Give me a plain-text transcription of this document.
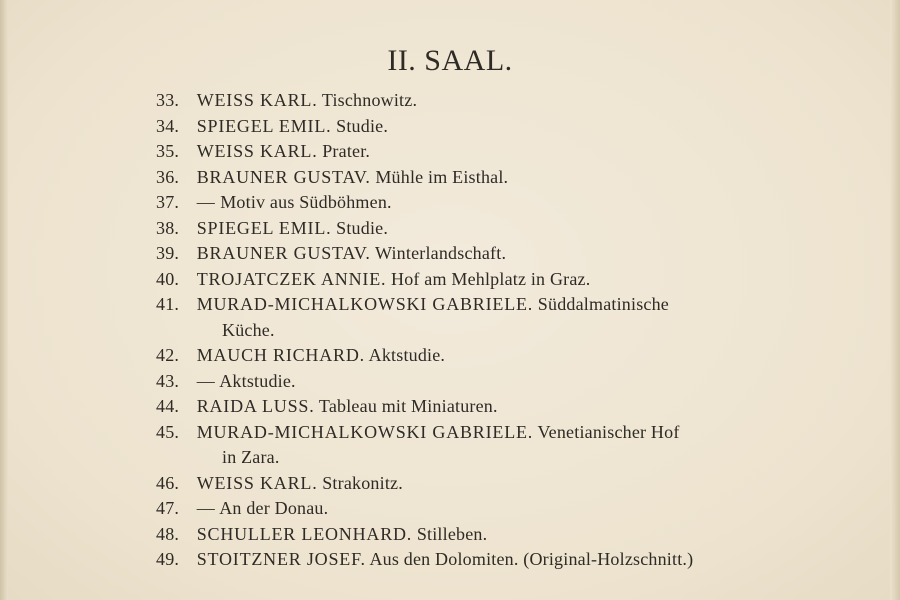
II. SAAL.
33. WEISS KARL. Tischnowitz.
34. SPIEGEL EMIL. Studie.
35. WEISS KARL. Prater.
36. BRAUNER GUSTAV. Mühle im Eisthal.
37. — Motiv aus Südböhmen.
38. SPIEGEL EMIL. Studie.
39. BRAUNER GUSTAV. Winterlandschaft.
40. TROJATCZEK ANNIE. Hof am Mehlplatz in Graz.
41. MURAD-MICHALKOWSKI GABRIELE. Süddalmatinische
Küche.
42. MAUCH RICHARD. Aktstudie.
43. — Aktstudie.
44. RAIDA LUSS. Tableau mit Miniaturen.
45. MURAD-MICHALKOWSKI GABRIELE. Venetianischer Hof
in Zara.
46. WEISS KARL. Strakonitz.
47. — An der Donau.
48. SCHULLER LEONHARD. Stilleben.
49. STOITZNER JOSEF. Aus den Dolomiten. (Original-Holzschnitt.)
